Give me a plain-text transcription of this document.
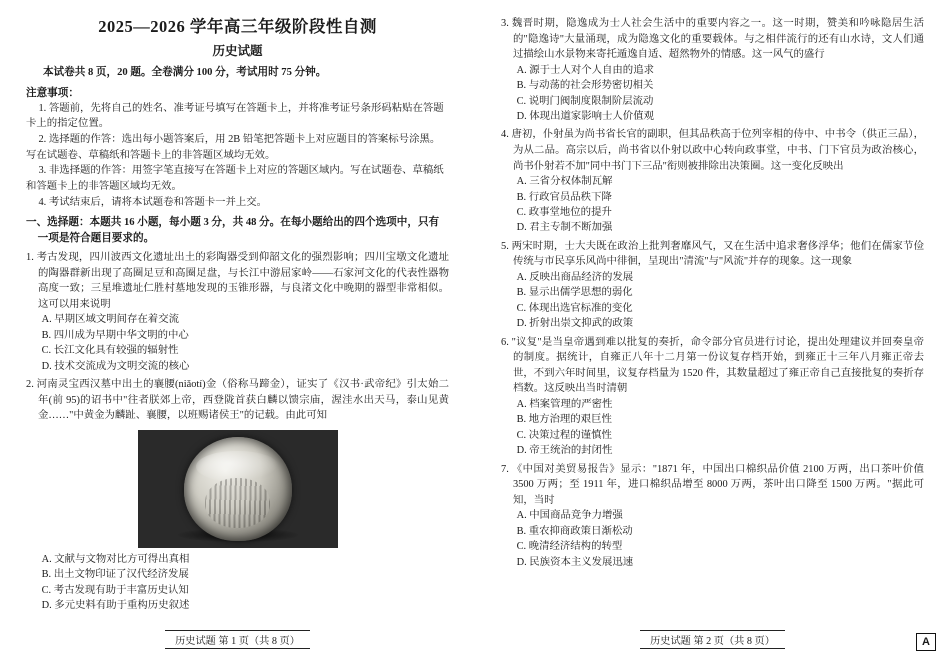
2025—2026 学年高三年级阶段性自测
历史试题

本试卷共 8 页，20 题。全卷满分 100 分，考试用时 75 分钟。

注意事项：

1. 答题前，先将自己的姓名、准考证号填写在答题卡上，并将准考证号条形码粘贴在答题卡上的指定位置。

2. 选择题的作答：选出每小题答案后，用 2B 铅笔把答题卡上对应题目的答案标号涂黑。写在试题卷、草稿纸和答题卡上的非答题区域均无效。

3. 非选择题的作答：用签字笔直接写在答题卡上对应的答题区域内。写在试题卷、草稿纸和答题卡上的非答题区域均无效。

4. 考试结束后，请将本试题卷和答题卡一并上交。

一、选择题：本题共 16 小题，每小题 3 分，共 48 分。在每小题给出的四个选项中，只有
一项是符合题目要求的。

1. 考古发现，四川波西文化遗址出土的彩陶器受到仰韶文化的强烈影响；四川宝墩文化遗址的陶器群新出现了高圈足豆和高圈足盘，与长江中游屈家岭——石家河文化的代表性器物高度一致；三星堆遗址仁胜村墓地发现的玉锥形器，与良渚文化中晚期的器型非常相似。这可以用来说明

A. 早期区域文明间存在着交流

B. 四川成为早期中华文明的中心

C. 长江文化具有较强的辐射性

D. 技术交流成为文明交流的核心

2. 河南灵宝西汉墓中出土的襄腰(niǎotí)金（俗称马蹄金），证实了《汉书·武帝纪》引太始二年(前 95)的诏书中"往者朕郊上帝，西登陇首获白麟以馈宗庙，渥洼水出天马，泰山见黄金……"中黄金为麟趾、襄腰，以班赐诸侯王"的记载。由此可知

A. 文献与文物对比方可得出真相

B. 出土文物印证了汉代经济发展

C. 考古发现有助于丰富历史认知

D. 多元史料有助于重构历史叙述

历史试题 第 1 页（共 8 页）

3. 魏晋时期，隐逸成为士人社会生活中的重要内容之一。这一时期，赞美和吟咏隐居生活的"隐逸诗"大量涌现，成为隐逸文化的重要载体。与之相伴流行的还有山水诗，文人们通过描绘山水景物来寄托遁逸自适、超然物外的情感。这一风气的盛行

A. 源于士人对个人自由的追求

B. 与动荡的社会形势密切相关

C. 说明门阀制度限制阶层流动

D. 体现出道家影响士人价值观

4. 唐初，仆射虽为尚书省长官的副职，但其品秩高于位列宰相的侍中、中书令（供正三品），为从二品。高宗以后，尚书省以仆射以政中心转向政事堂，中书、门下官员为政治核心，尚书仆射若不加"同中书门下三品"衔则被排除出决策圈。这一变化反映出

A. 三省分权体制瓦解

B. 行政官员品秩下降

C. 政事堂地位的提升

D. 君主专制不断加强

5. 两宋时期，士大夫既在政治上批判奢靡风气，又在生活中追求奢侈浮华；他们在儒家节俭传统与市民享乐风尚中徘徊，呈现出"清流"与"风流"并存的现象。这一现象

A. 反映出商品经济的发展

B. 显示出儒学思想的弱化

C. 体现出选官标准的变化

D. 折射出崇文抑武的政策

6. "议复"是当皇帝遇到难以批复的奏折，命令部分官员进行讨论，提出处理建议并回奏皇帝的制度。据统计，自雍正八年十二月第一份议复存档开始，到雍正十三年八月雍正帝去世，不到六年时间里，议复存档量为 1520 件，其数量超过了雍正帝自己直接批复的奏折存档数。这反映出当时清朝

A. 档案管理的严密性

B. 地方治理的艰巨性

C. 决策过程的谨慎性

D. 帝王统治的封闭性

7. 《中国对美贸易报告》显示："1871 年，中国出口棉织品价值 2100 万两，出口茶叶价值 3500 万两；至 1911 年，进口棉织品增至 8000 万两，茶叶出口降至 1500 万两。"据此可知，当时

A. 中国商品竞争力增强

B. 重农抑商政策日渐松动

C. 晚清经济结构的转型

D. 民族资本主义发展迅速

历史试题 第 2 页（共 8 页）	A
